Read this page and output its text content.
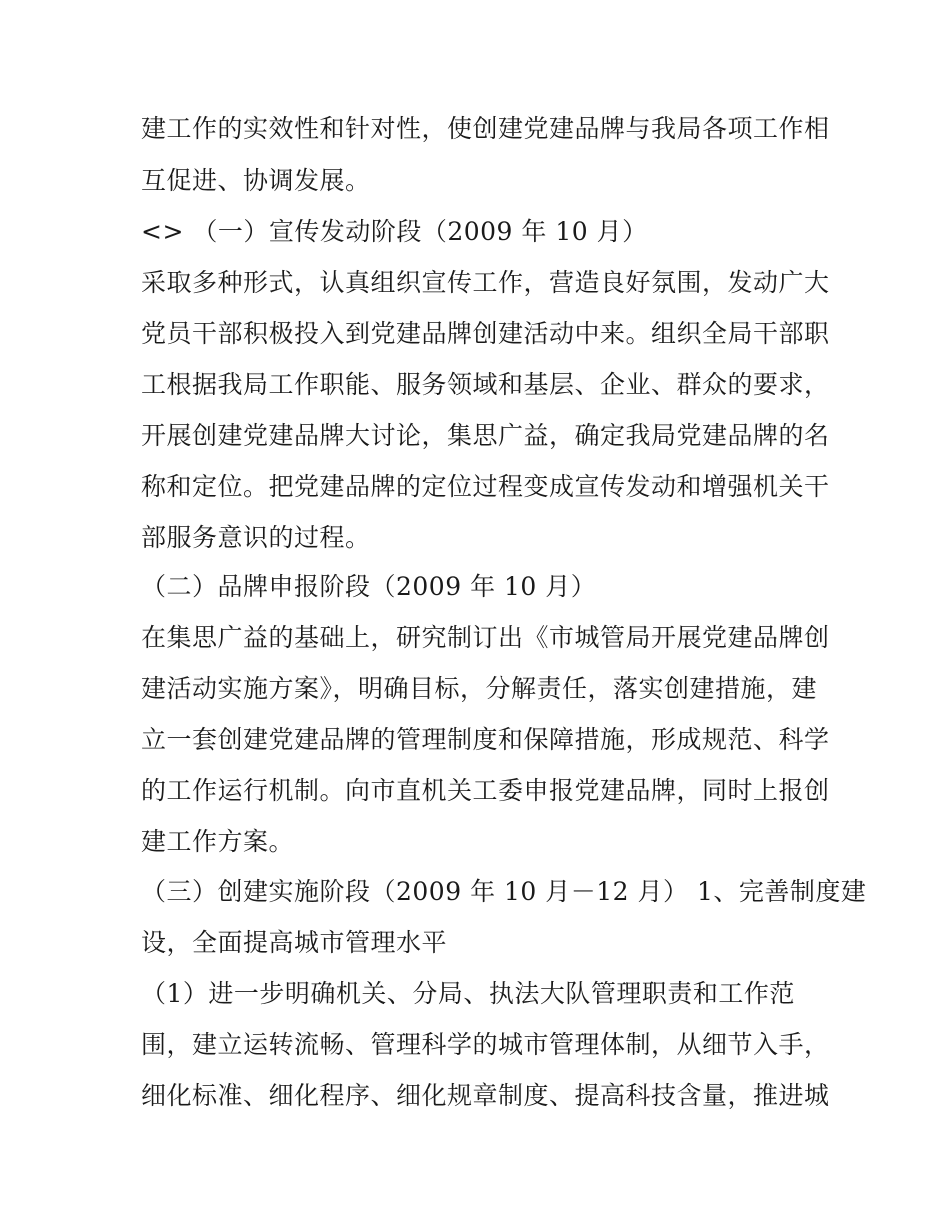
建工作的实效性和针对性，使创建党建品牌与我局各项工作相
互促进、协调发展。
<> （一）宣传发动阶段（2009 年 10 月）
采取多种形式，认真组织宣传工作，营造良好氛围，发动广大
党员干部积极投入到党建品牌创建活动中来。组织全局干部职
工根据我局工作职能、服务领域和基层、企业、群众的要求，
开展创建党建品牌大讨论，集思广益，确定我局党建品牌的名
称和定位。把党建品牌的定位过程变成宣传发动和增强机关干
部服务意识的过程。
（二）品牌申报阶段（2009 年 10 月）
在集思广益的基础上，研究制订出《市城管局开展党建品牌创
建活动实施方案》，明确目标，分解责任，落实创建措施，建
立一套创建党建品牌的管理制度和保障措施，形成规范、科学
的工作运行机制。向市直机关工委申报党建品牌，同时上报创
建工作方案。
（三）创建实施阶段（2009 年 10 月－12 月） 1、完善制度建
设，全面提高城市管理水平
（1）进一步明确机关、分局、执法大队管理职责和工作范
围，建立运转流畅、管理科学的城市管理体制，从细节入手，
细化标准、细化程序、细化规章制度、提高科技含量，推进城
